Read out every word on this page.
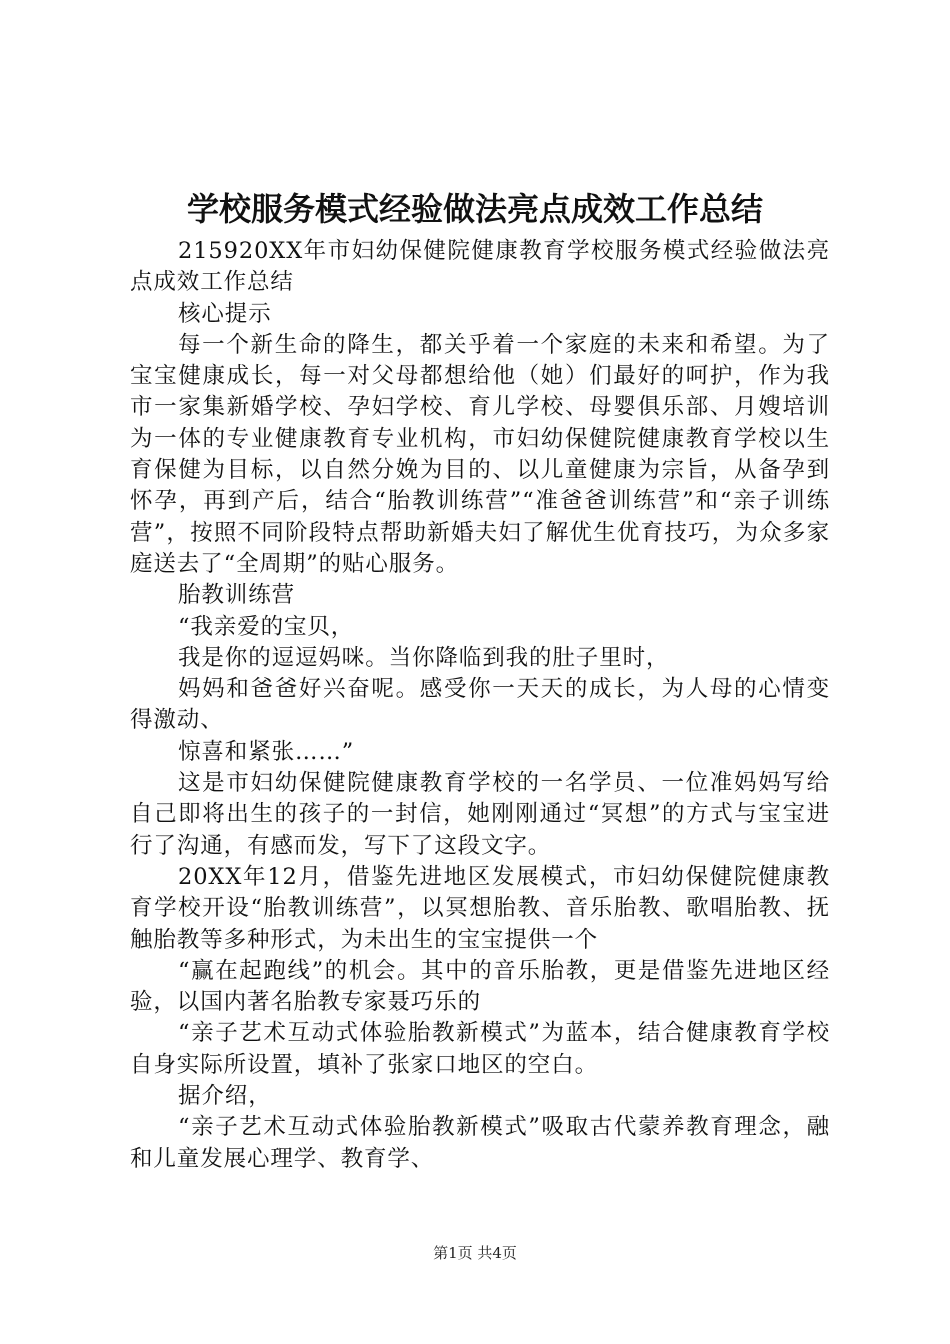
学校服务模式经验做法亮点成效工作总结

215920XX年市妇幼保健院健康教育学校服务模式经验做法亮点成效工作总结

核心提示

每一个新生命的降生，都关乎着一个家庭的未来和希望。为了宝宝健康成长，每一对父母都想给他（她）们最好的呵护，作为我市一家集新婚学校、孕妇学校、育儿学校、母婴俱乐部、月嫂培训为一体的专业健康教育专业机构，市妇幼保健院健康教育学校以生育保健为目标，以自然分娩为目的、以儿童健康为宗旨，从备孕到怀孕，再到产后，结合“胎教训练营”“准爸爸训练营”和“亲子训练营”，按照不同阶段特点帮助新婚夫妇了解优生优育技巧，为众多家庭送去了“全周期”的贴心服务。

胎教训练营

“我亲爱的宝贝，

我是你的逗逗妈咪。当你降临到我的肚子里时，

妈妈和爸爸好兴奋呢。感受你一天天的成长，为人母的心情变得激动、

惊喜和紧张……”

这是市妇幼保健院健康教育学校的一名学员、一位准妈妈写给自己即将出生的孩子的一封信，她刚刚通过“冥想”的方式与宝宝进行了沟通，有感而发，写下了这段文字。

20XX年12月，借鉴先进地区发展模式，市妇幼保健院健康教育学校开设“胎教训练营”，以冥想胎教、音乐胎教、歌唱胎教、抚触胎教等多种形式，为未出生的宝宝提供一个

“赢在起跑线”的机会。其中的音乐胎教，更是借鉴先进地区经验，以国内著名胎教专家聂巧乐的

“亲子艺术互动式体验胎教新模式”为蓝本，结合健康教育学校自身实际所设置，填补了张家口地区的空白。

据介绍，

“亲子艺术互动式体验胎教新模式”吸取古代蒙养教育理念，融和儿童发展心理学、教育学、

第1页 共4页
